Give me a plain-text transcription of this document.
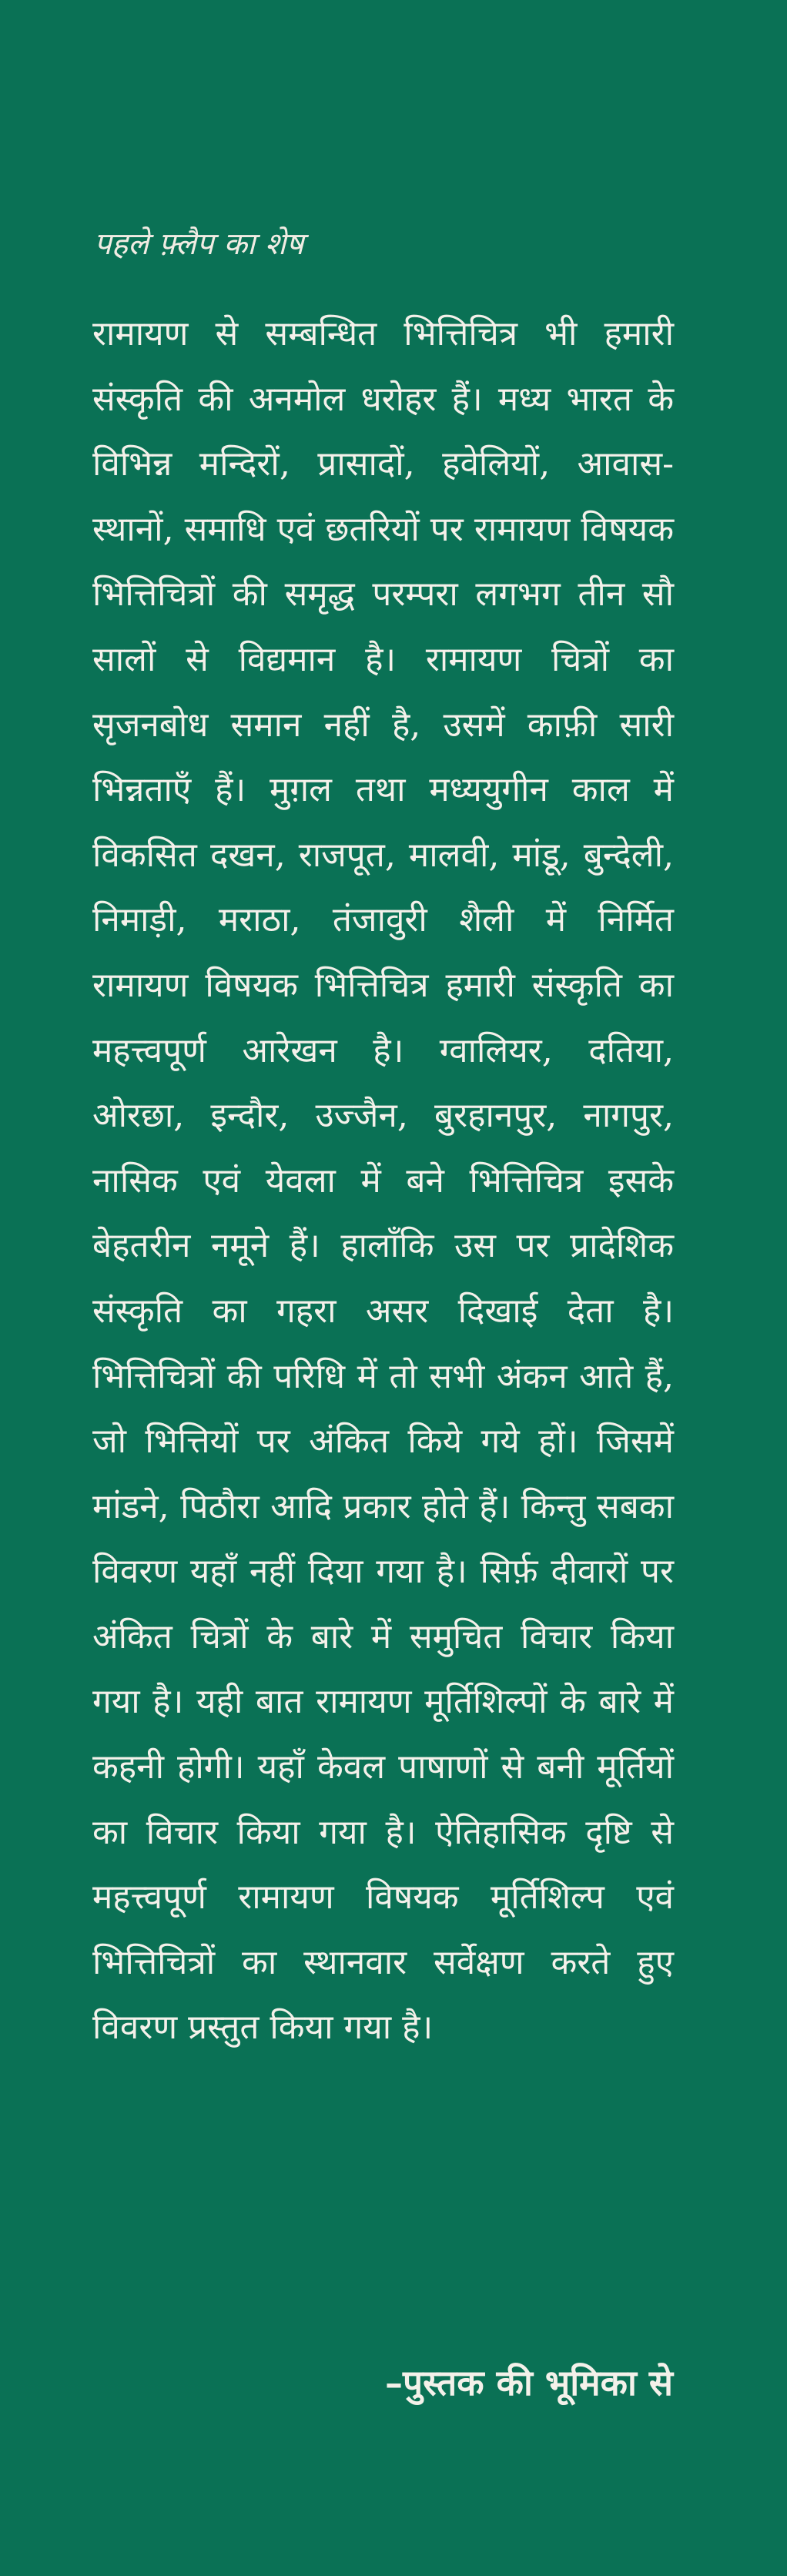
पहले फ़्लैप का शेष

रामायण से सम्बन्धित भित्तिचित्र भी हमारी संस्कृति की अनमोल धरोहर हैं। मध्य भारत के विभिन्न मन्दिरों, प्रासादों, हवेलियों, आवास-स्थानों, समाधि एवं छतरियों पर रामायण विषयक भित्तिचित्रों की समृद्ध परम्परा लगभग तीन सौ सालों से विद्यमान है। रामायण चित्रों का सृजनबोध समान नहीं है, उसमें काफ़ी सारी भिन्नताएँ हैं। मुग़ल तथा मध्ययुगीन काल में विकसित दखन, राजपूत, मालवी, मांडू, बुन्देली, निमाड़ी, मराठा, तंजावुरी शैली में निर्मित रामायण विषयक भित्तिचित्र हमारी संस्कृति का महत्त्वपूर्ण आरेखन है। ग्वालियर, दतिया, ओरछा, इन्दौर, उज्जैन, बुरहानपुर, नागपुर, नासिक एवं येवला में बने भित्तिचित्र इसके बेहतरीन नमूने हैं। हालाँकि उस पर प्रादेशिक संस्कृति का गहरा असर दिखाई देता है। भित्तिचित्रों की परिधि में तो सभी अंकन आते हैं, जो भित्तियों पर अंकित किये गये हों। जिसमें मांडने, पिठौरा आदि प्रकार होते हैं। किन्तु सबका विवरण यहाँ नहीं दिया गया है। सिर्फ़ दीवारों पर अंकित चित्रों के बारे में समुचित विचार किया गया है। यही बात रामायण मूर्तिशिल्पों के बारे में कहनी होगी। यहाँ केवल पाषाणों से बनी मूर्तियों का विचार किया गया है। ऐतिहासिक दृष्टि से महत्त्वपूर्ण रामायण विषयक मूर्तिशिल्प एवं भित्तिचित्रों का स्थानवार सर्वेक्षण करते हुए विवरण प्रस्तुत किया गया है।

–पुस्तक की भूमिका से
